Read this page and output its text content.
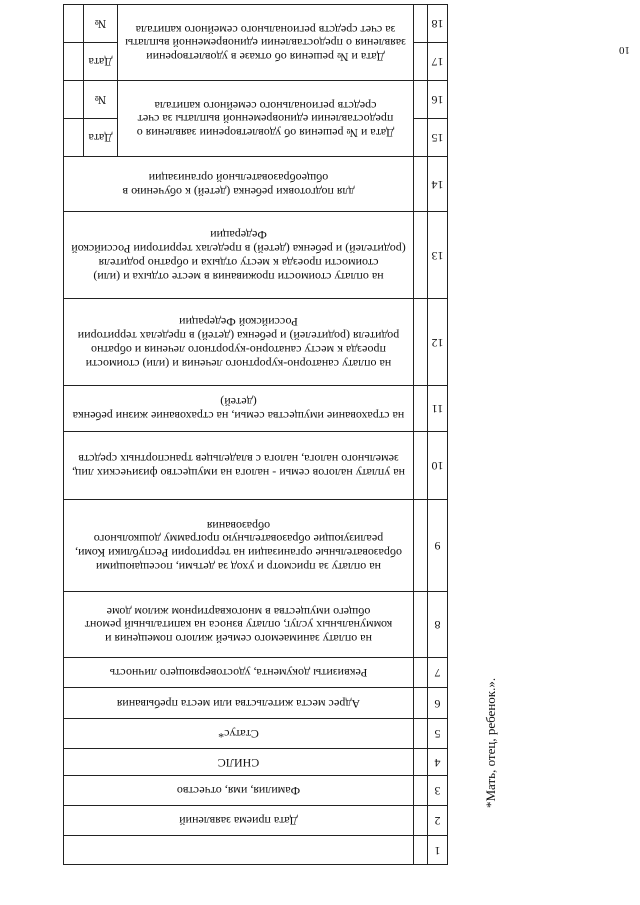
10
*Мать, отец, ребенок.».
1				
2		Дата приема заявлений		
3		Фамилия, имя, отчество		
4		СНИЛС		
5		Статус*		
6		Адрес места жительства или места пребывания		
7		Реквизиты документа, удостоверяющего личность		
8		на оплату занимаемого семьей жилого помещения и коммунальных услуг, оплату взноса на капитальный ремонт общего имущества в многоквартирном жилом доме		
9		на оплату за присмотр и уход за детьми, посещающими образовательные организации на территории Республики Коми, реализующие образовательную программу дошкольного образования		
10		на уплату налогов семьи - налога на имущество физических лиц, земельного налога, налога с владельцев транспортных средств		
11		на страхование имущества семьи, на страхование жизни ребенка (детей)		
12		на оплату санаторно-курортного лечения и (или) стоимости проезда к месту санаторно-курортного лечения и обратно родителя (родителей) и ребенка (детей) в пределах территории Российской Федерации		
13		на оплату стоимости проживания в месте отдыха и (или) стоимости проезда к месту отдыха и обратно родителя (родителей) и ребенка (детей) в пределах территории Российской Федерации		
14		для подготовки ребенка (детей) к обучению в общеобразовательной организации		
15		Дата и № решения об удовлетворении заявления о предоставлении единовременной выплаты за счет средств регионального семейного капитала	Дата	
16			№	
17		Дата и № решения об отказе в удовлетворении заявления о предоставлении единовременной выплаты за счет средств регионального семейного капитала	Дата	
18			№	
